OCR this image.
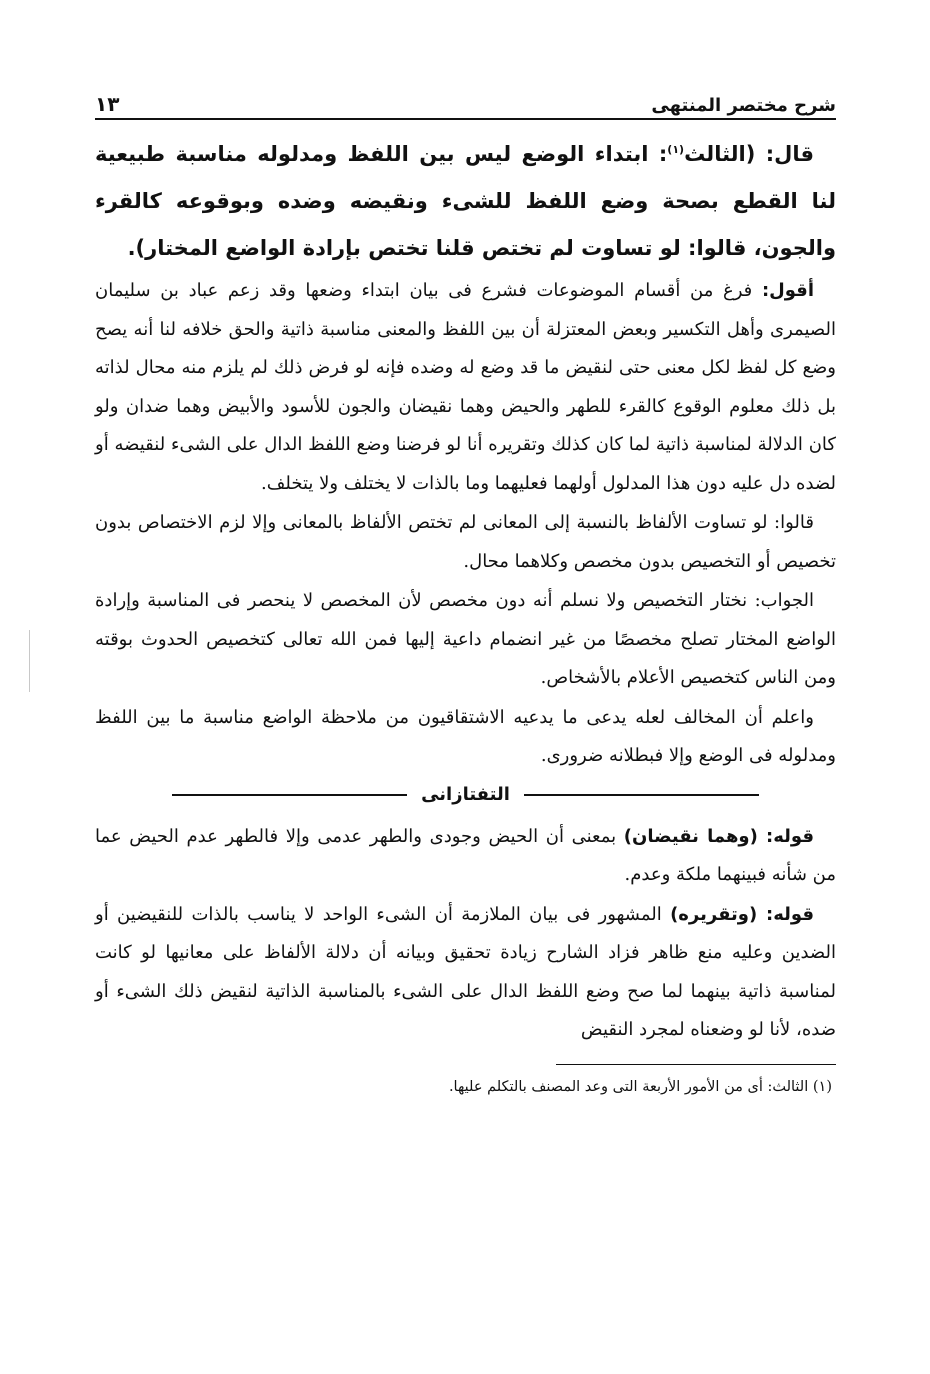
شرح مختصر المنتهى
١٣

قال: (الثالث$^{(١)}$: ابتداء الوضع ليس بين اللفظ ومدلوله مناسبة طبيعية لنا القطع بصحة وضع اللفظ للشىء ونقيضه وضده وبوقوعه كالقرء والجون، قالوا: لو تساوت لم تختص قلنا تختص بإرادة الواضع المختار).

أقول: فرغ من أقسام الموضوعات فشرع فى بيان ابتداء وضعها وقد زعم عباد بن سليمان الصيمرى وأهل التكسير وبعض المعتزلة أن بين اللفظ والمعنى مناسبة ذاتية والحق خلافه لنا أنه يصح وضع كل لفظ لكل معنى حتى لنقيض ما قد وضع له وضده فإنه لو فرض ذلك لم يلزم منه محال لذاته بل ذلك معلوم الوقوع كالقرء للطهر والحيض وهما نقيضان والجون للأسود والأبيض وهما ضدان ولو كان الدلالة لمناسبة ذاتية لما كان كذلك وتقريره أنا لو فرضنا وضع اللفظ الدال على الشىء لنقيضه أو لضده دل عليه دون هذا المدلول أولهما فعليهما وما بالذات لا يختلف ولا يتخلف.

قالوا: لو تساوت الألفاظ بالنسبة إلى المعانى لم تختص الألفاظ بالمعانى وإلا لزم الاختصاص بدون تخصيص أو التخصيص بدون مخصص وكلاهما محال.

الجواب: نختار التخصيص ولا نسلم أنه دون مخصص لأن المخصص لا ينحصر فى المناسبة وإرادة الواضع المختار تصلح مخصصًا من غير انضمام داعية إليها فمن الله تعالى كتخصيص الحدوث بوقته ومن الناس كتخصيص الأعلام بالأشخاص.

واعلم أن المخالف لعله يدعى ما يدعيه الاشتقاقيون من ملاحظة الواضع مناسبة ما بين اللفظ ومدلوله فى الوضع وإلا فبطلانه ضرورى.

التفتازانى

قوله: (وهما نقيضان) بمعنى أن الحيض وجودى والطهر عدمى وإلا فالطهر عدم الحيض عما من شأنه فبينهما ملكة وعدم.

قوله: (وتقريره) المشهور فى بيان الملازمة أن الشىء الواحد لا يناسب بالذات للنقيضين أو الضدين وعليه منع ظاهر فزاد الشارح زيادة تحقيق وبيانه أن دلالة الألفاظ على معانيها لو كانت لمناسبة ذاتية بينهما لما صح وضع اللفظ الدال على الشىء بالمناسبة الذاتية لنقيض ذلك الشىء أو ضده، لأنا لو وضعناه لمجرد النقيض

(١) الثالث: أى من الأمور الأربعة التى وعد المصنف بالتكلم عليها.
